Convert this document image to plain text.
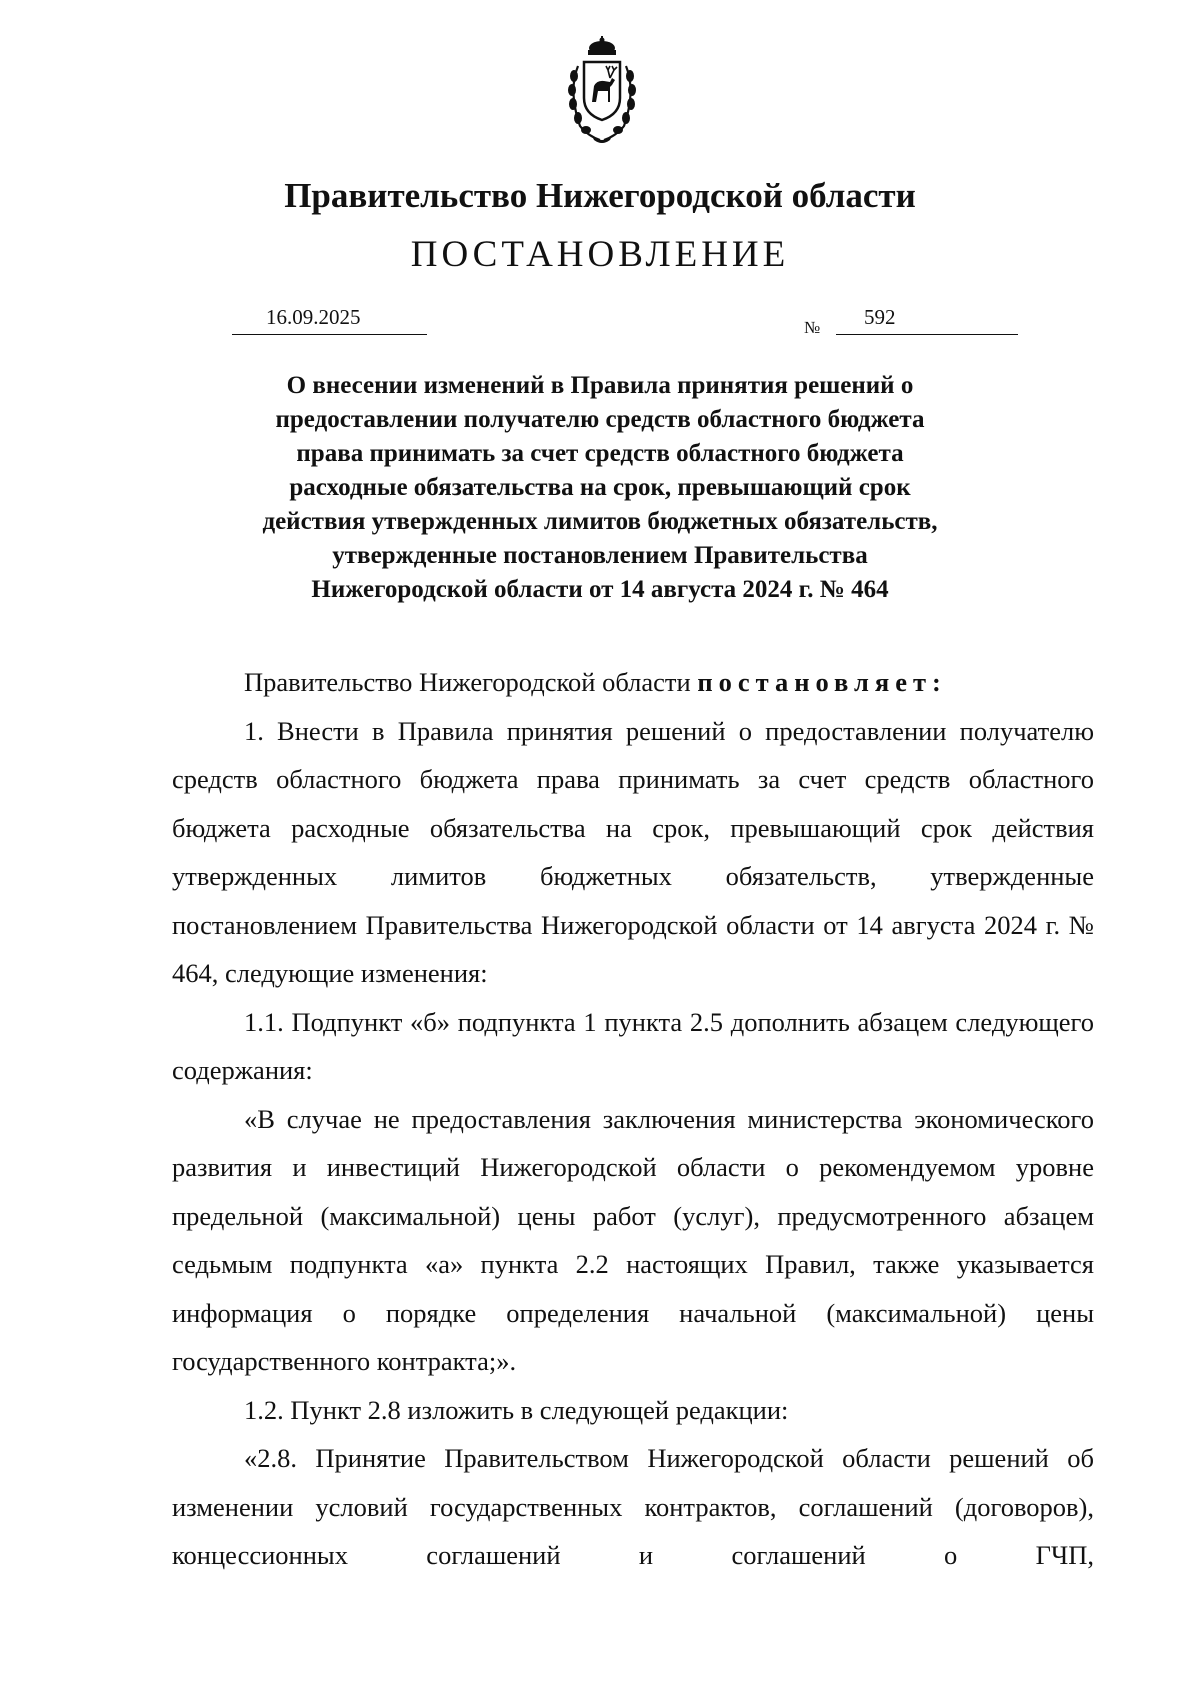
Правительство Нижегородской области
ПОСТАНОВЛЕНИЕ
16.09.2025	№ 592
О внесении изменений в Правила принятия решений о
предоставлении получателю средств областного бюджета
права принимать за счет средств областного бюджета
расходные обязательства на срок, превышающий срок
действия утвержденных лимитов бюджетных обязательств,
утвержденные постановлением Правительства
Нижегородской области от 14 августа 2024 г. № 464

Правительство Нижегородской области постановляет:

1. Внести в Правила принятия решений о предоставлении получателю средств областного бюджета права принимать за счет средств областного бюджета расходные обязательства на срок, превышающий срок действия утвержденных лимитов бюджетных обязательств, утвержденные постановлением Правительства Нижегородской области от 14 августа 2024 г. № 464, следующие изменения:

1.1. Подпункт «б» подпункта 1 пункта 2.5 дополнить абзацем следующего содержания:

«В случае не предоставления заключения министерства экономического развития и инвестиций Нижегородской области о рекомендуемом уровне предельной (максимальной) цены работ (услуг), предусмотренного абзацем седьмым подпункта «а» пункта 2.2 настоящих Правил, также указывается информация о порядке определения начальной (максимальной) цены государственного контракта;».

1.2. Пункт 2.8 изложить в следующей редакции:

«2.8. Принятие Правительством Нижегородской области решений об изменении условий государственных контрактов, соглашений (договоров), концессионных соглашений и соглашений о ГЧП,
